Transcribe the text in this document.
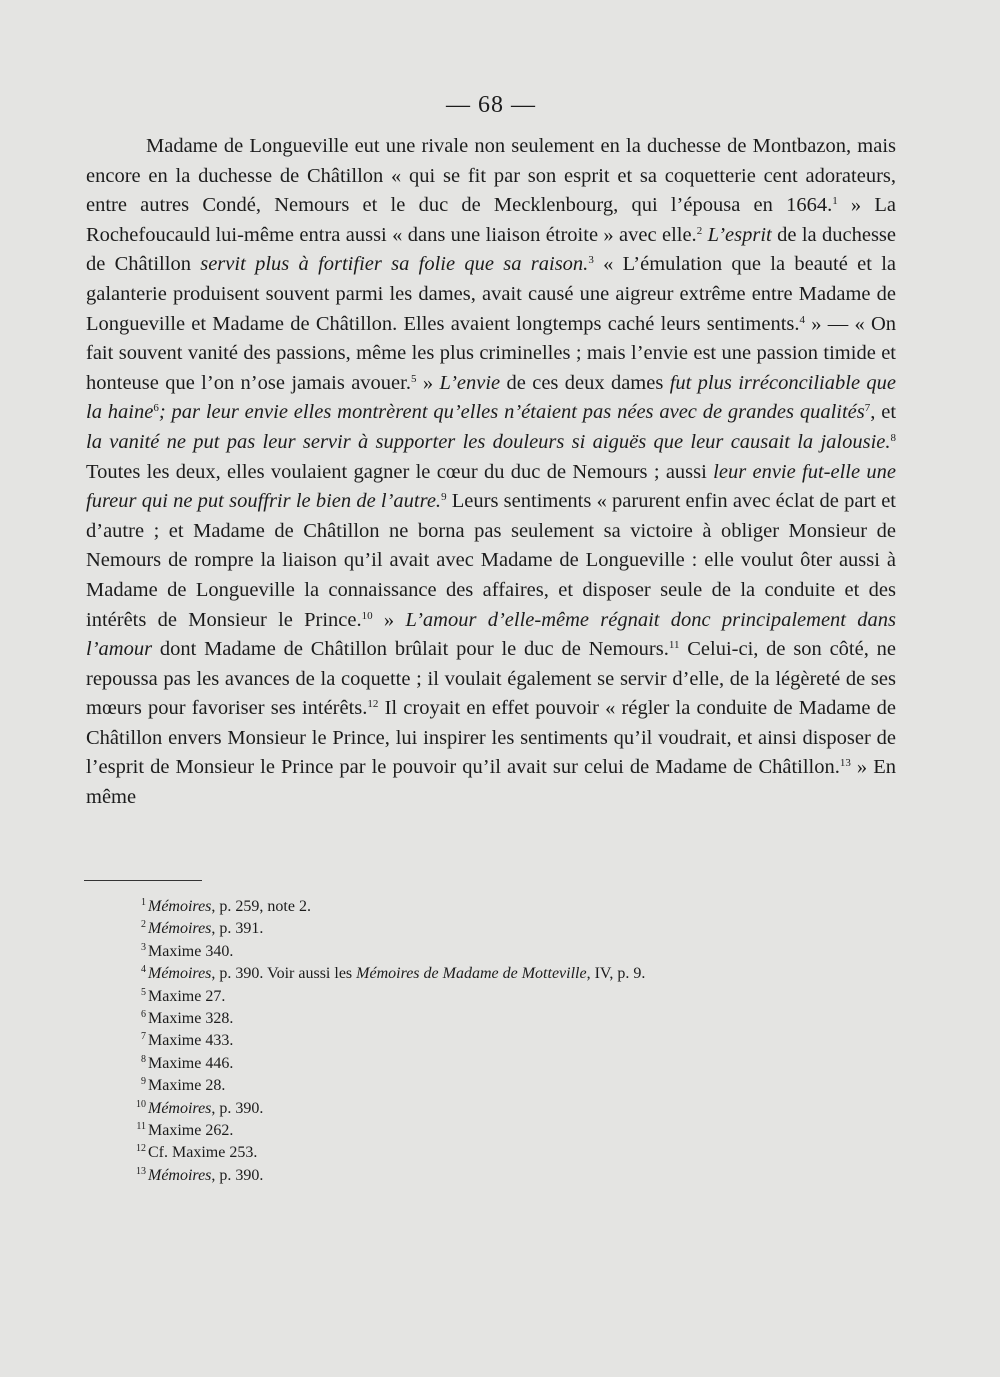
— 68 —

Madame de Longueville eut une rivale non seulement en la duchesse de Montbazon, mais encore en la duchesse de Châtillon « qui se fit par son esprit et sa coquetterie cent adorateurs, entre autres Condé, Nemours et le duc de Mecklenbourg, qui l’épousa en 1664.$^1$ » La Rochefoucauld lui-même entra aussi « dans une liaison étroite » avec elle.$^2$ L’esprit de la duchesse de Châtillon servit plus à fortifier sa folie que sa raison.$^3$ « L’émulation que la beauté et la galanterie produisent souvent parmi les dames, avait causé une aigreur extrême entre Madame de Longueville et Madame de Châtillon. Elles avaient longtemps caché leurs sentiments.$^4$ » — « On fait souvent vanité des passions, même les plus criminelles ; mais l’envie est une passion timide et honteuse que l’on n’ose jamais avouer.$^5$ » L’envie de ces deux dames fut plus irréconciliable que la haine$^6$; par leur envie elles montrèrent qu’elles n’étaient pas nées avec de grandes qualités$^7$, et la vanité ne put pas leur servir à supporter les douleurs si aiguës que leur causait la jalousie.$^8$ Toutes les deux, elles voulaient gagner le cœur du duc de Nemours ; aussi leur envie fut-elle une fureur qui ne put souffrir le bien de l’autre.$^9$ Leurs sentiments « parurent enfin avec éclat de part et d’autre ; et Madame de Châtillon ne borna pas seulement sa victoire à obliger Monsieur de Nemours de rompre la liaison qu’il avait avec Madame de Longueville : elle voulut ôter aussi à Madame de Longueville la connaissance des affaires, et disposer seule de la conduite et des intérêts de Monsieur le Prince.$^{10}$ » L’amour d’elle-même régnait donc principalement dans l’amour dont Madame de Châtillon brûlait pour le duc de Nemours.$^{11}$ Celui-ci, de son côté, ne repoussa pas les avances de la coquette ; il voulait également se servir d’elle, de la légèreté de ses mœurs pour favoriser ses intérêts.$^{12}$ Il croyait en effet pouvoir « régler la conduite de Madame de Châtillon envers Monsieur le Prince, lui inspirer les sentiments qu’il voudrait, et ainsi disposer de l’esprit de Monsieur le Prince par le pouvoir qu’il avait sur celui de Madame de Châtillon.$^{13}$ » En même

1 Mémoires, p. 259, note 2.
2 Mémoires, p. 391.
3 Maxime 340.
4 Mémoires, p. 390. Voir aussi les Mémoires de Madame de Motteville, IV, p. 9.
5 Maxime 27.
6 Maxime 328.
7 Maxime 433.
8 Maxime 446.
9 Maxime 28.
10 Mémoires, p. 390.
11 Maxime 262.
12 Cf. Maxime 253.
13 Mémoires, p. 390.
